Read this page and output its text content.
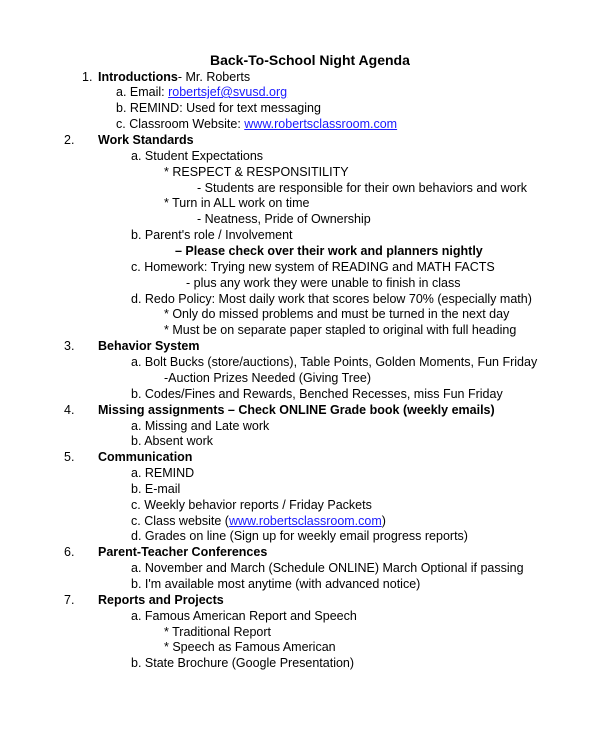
Back-To-School Night Agenda
1. Introductions- Mr. Roberts
a. Email: robertsjef@svusd.org
b. REMIND: Used for text messaging
c. Classroom Website: www.robertsclassroom.com
2. Work Standards
a. Student Expectations
* RESPECT & RESPONSITILITY
- Students are responsible for their own behaviors and work
* Turn in ALL work on time
- Neatness, Pride of Ownership
b. Parent's role / Involvement
– Please check over their work and planners nightly
c. Homework: Trying new system of READING and MATH FACTS
- plus any work they were unable to finish in class
d. Redo Policy: Most daily work that scores below 70% (especially math)
* Only do missed problems and must be turned in the next day
* Must be on separate paper stapled to original with full heading
3. Behavior System
a. Bolt Bucks (store/auctions), Table Points, Golden Moments, Fun Friday
-Auction Prizes Needed (Giving Tree)
b. Codes/Fines and Rewards, Benched Recesses, miss Fun Friday
4. Missing assignments – Check ONLINE Grade book (weekly emails)
a. Missing and Late work
b. Absent work
5. Communication
a. REMIND
b. E-mail
c. Weekly behavior reports / Friday Packets
c. Class website (www.robertsclassroom.com)
d. Grades on line (Sign up for weekly email progress reports)
6. Parent-Teacher Conferences
a. November and March (Schedule ONLINE) March Optional if passing
b. I'm available most anytime (with advanced notice)
7. Reports and Projects
a. Famous American Report and Speech
* Traditional Report
* Speech as Famous American
b. State Brochure (Google Presentation)
